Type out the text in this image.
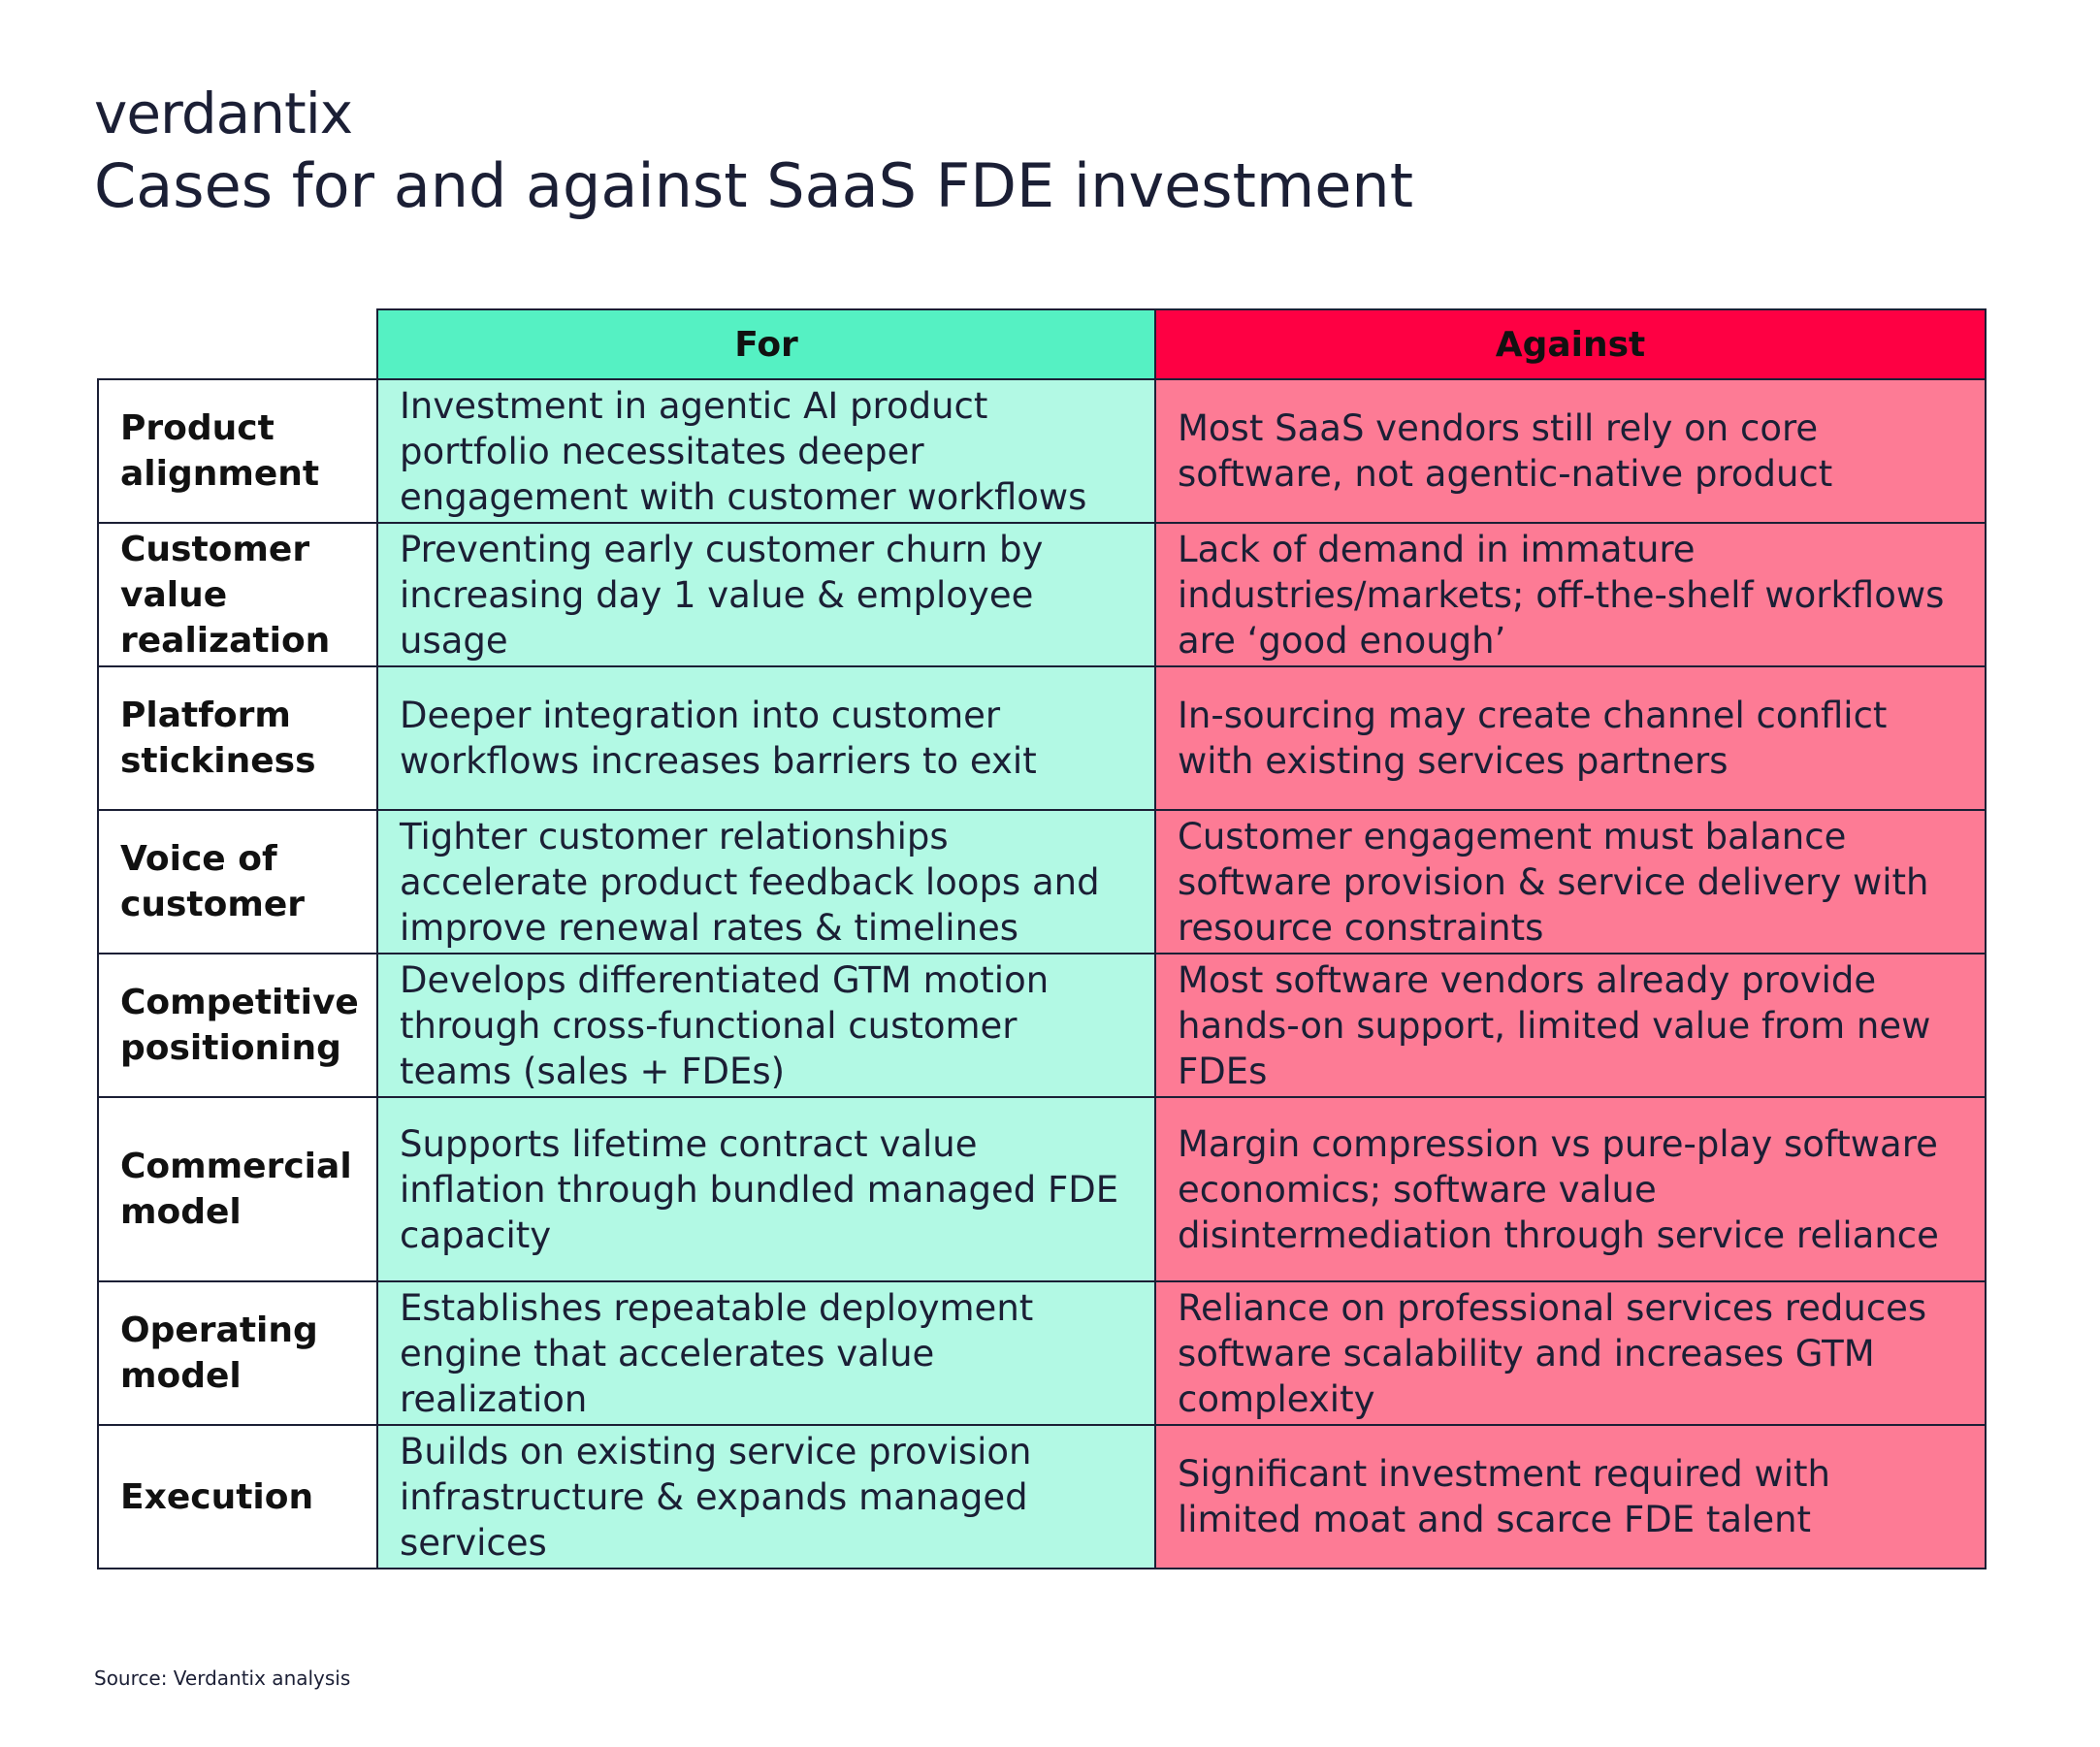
verdantix
Cases for and against SaaS FDE investment
	For	Against
Product alignment	Investment in agentic AI product portfolio necessitates deeper engagement with customer workflows	Most SaaS vendors still rely on core software, not agentic-native product
Customer value realization	Preventing early customer churn by increasing day 1 value & employee usage	Lack of demand in immature industries/markets; off-the-shelf workflows are ‘good enough’
Platform stickiness	Deeper integration into customer workflows increases barriers to exit	In-sourcing may create channel conflict with existing services partners
Voice of customer	Tighter customer relationships accelerate product feedback loops and improve renewal rates & timelines	Customer engagement must balance software provision & service delivery with resource constraints
Competitive positioning	Develops differentiated GTM motion through cross-functional customer teams (sales + FDEs)	Most software vendors already provide hands-on support, limited value from new FDEs
Commercial model	Supports lifetime contract value inflation through bundled managed FDE capacity	Margin compression vs pure-play software economics; software value disintermediation through service reliance
Operating model	Establishes repeatable deployment engine that accelerates value realization	Reliance on professional services reduces software scalability and increases GTM complexity
Execution	Builds on existing service provision infrastructure & expands managed services	Significant investment required with limited moat and scarce FDE talent
Source: Verdantix analysis
